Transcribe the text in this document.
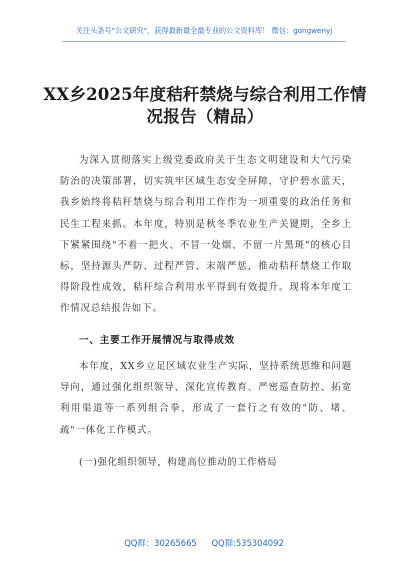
关注头条号"公文研究"，获得最新最全最专业的公文资料库！ 微信：gongwenyj
XX乡2025年度秸秆禁烧与综合利用工作情况报告（精品）
为深入贯彻落实上级党委政府关于生态文明建设和大气污染防治的决策部署，切实筑牢区域生态安全屏障，守护碧水蓝天，我乡始终将秸秆禁烧与综合利用工作作为一项重要的政治任务和民生工程来抓。本年度，特别是秋冬季农业生产关键期，全乡上下紧紧围绕"不着一把火、不冒一处烟、不留一片黑斑"的核心目标，坚持源头严防、过程严管、末端严惩，推动秸秆禁烧工作取得阶段性成效，秸秆综合利用水平得到有效提升。现将本年度工作情况总结报告如下。
一、主要工作开展情况与取得成效
本年度，XX乡立足区域农业生产实际，坚持系统思维和问题导向，通过强化组织领导、深化宣传教育、严密巡查防控、拓宽利用渠道等一系列组合拳，形成了一套行之有效的"防、堵、疏"一体化工作模式。
(一)强化组织领导，构建高位推动的工作格局
QQ群：30265665 QQ群:535304092
